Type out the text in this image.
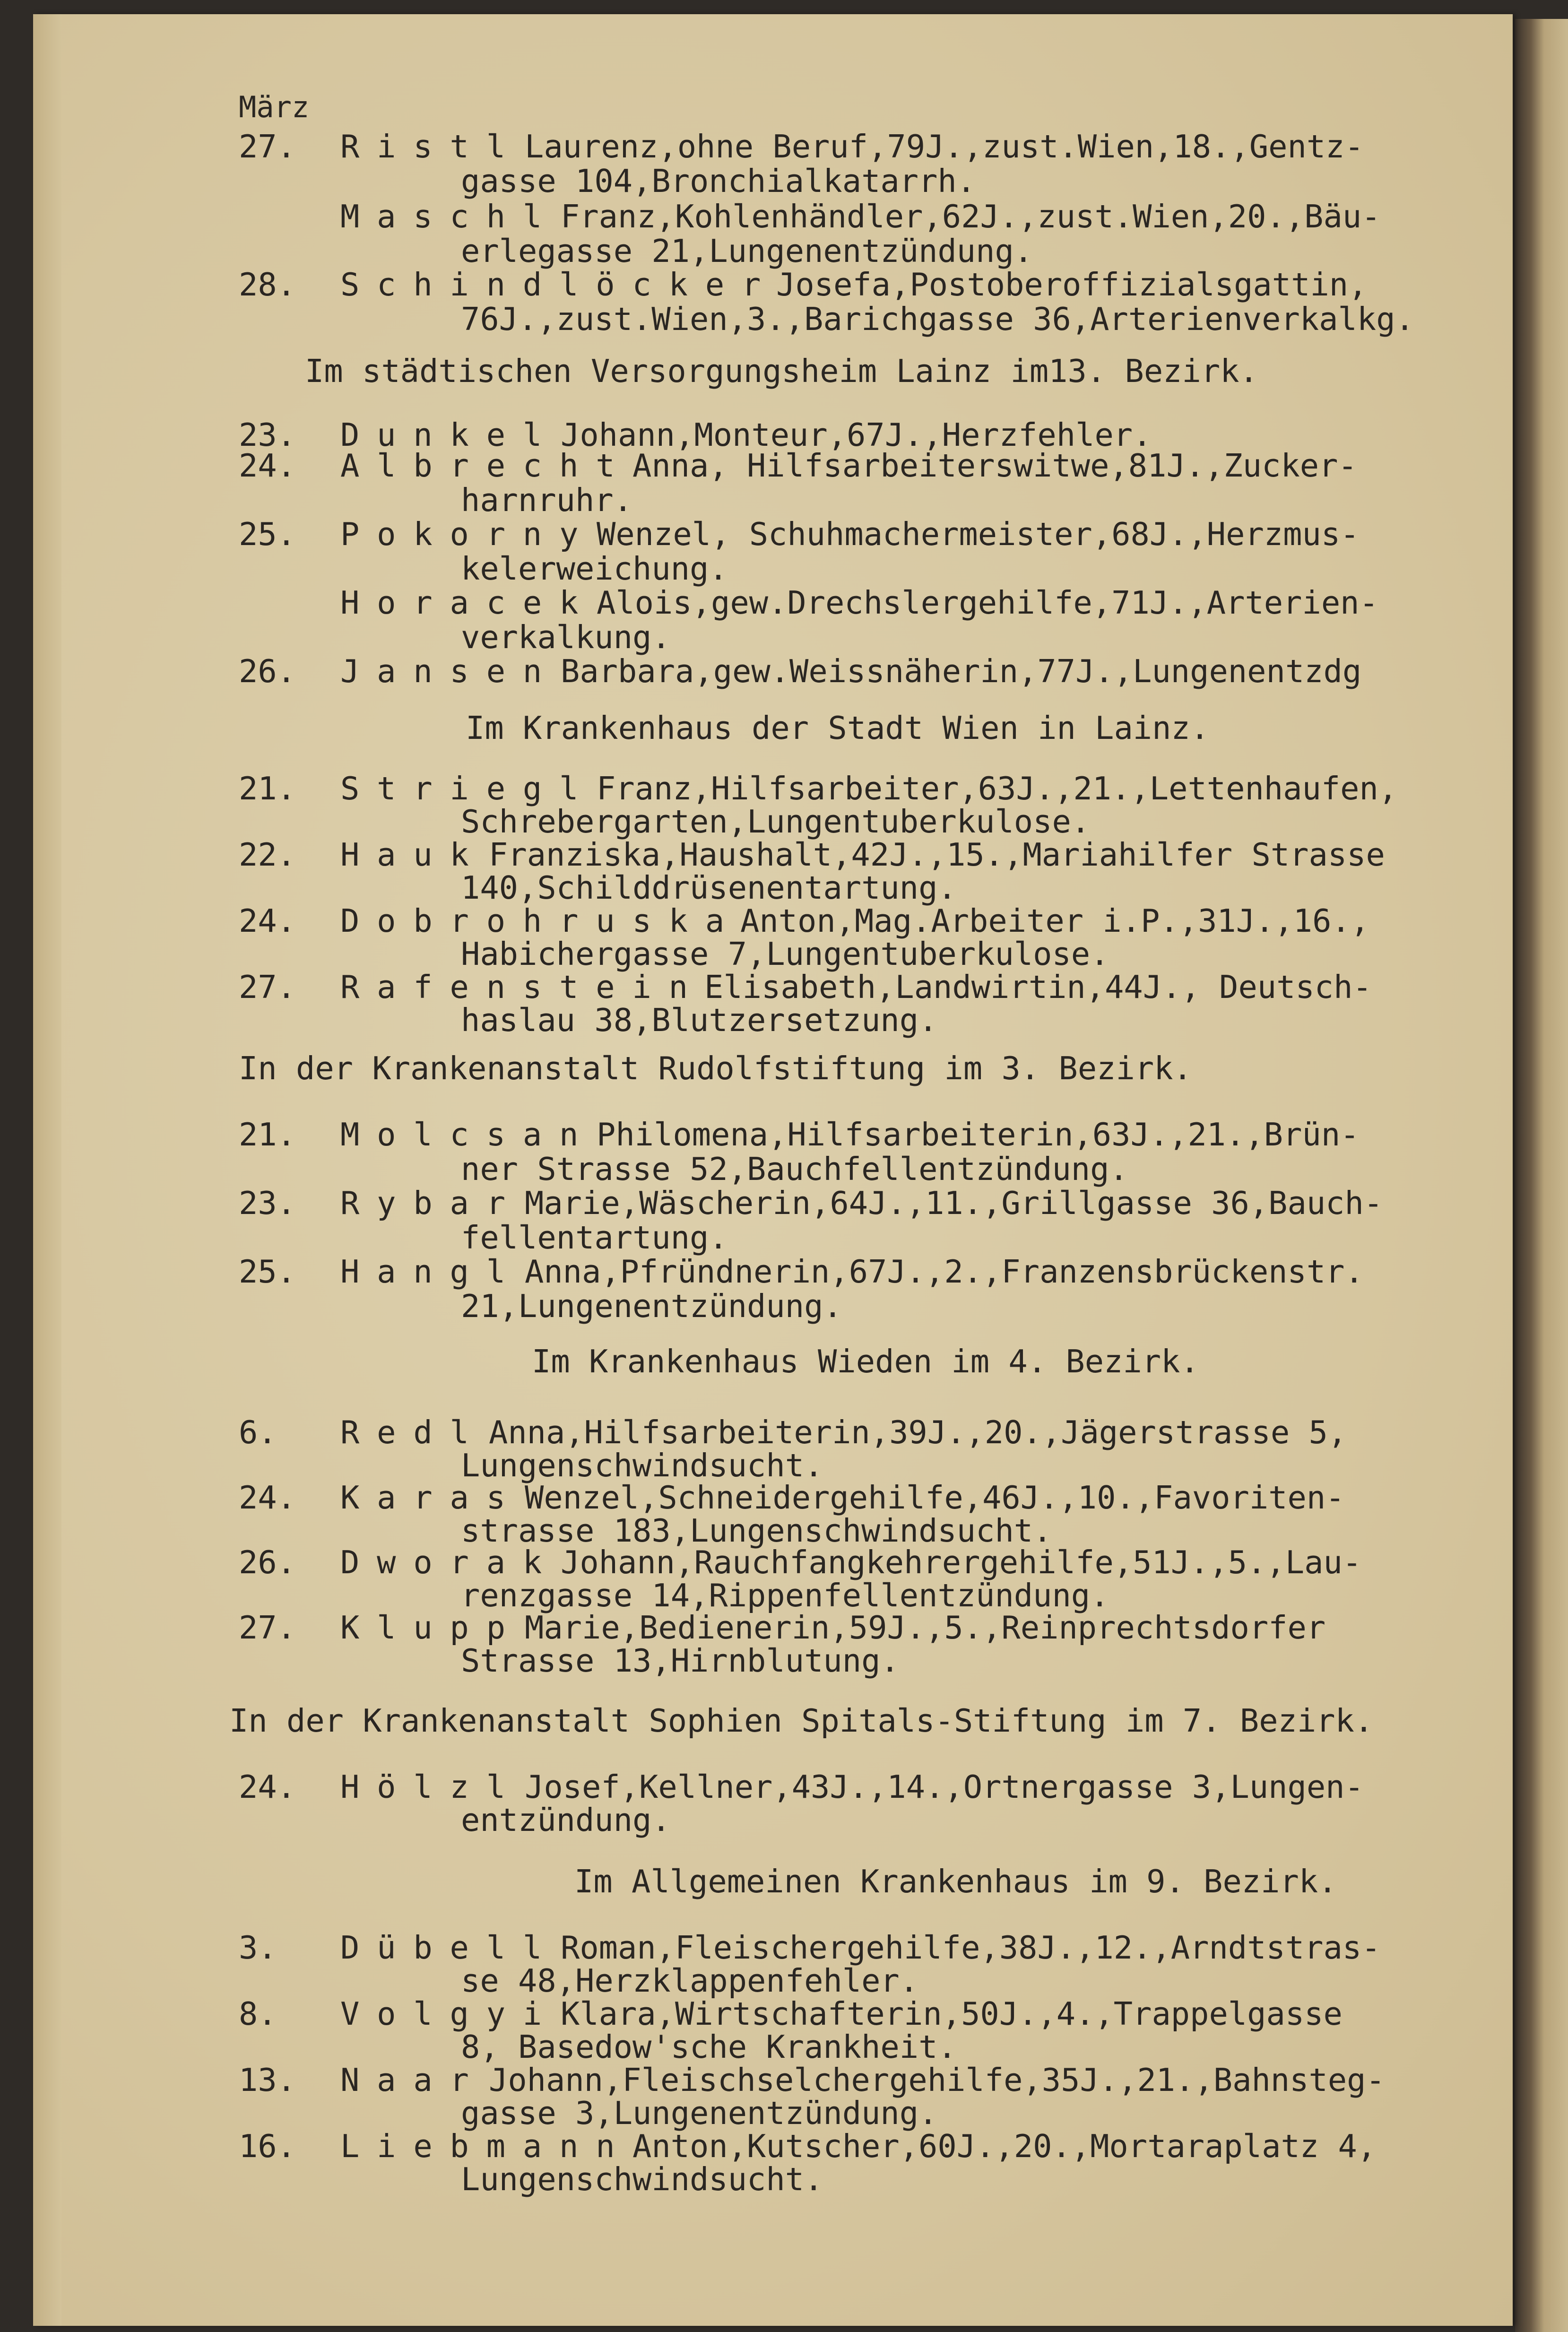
März
27. Ristl Laurenz,ohne Beruf,79J.,zust.Wien,18.,Gentz-
gasse 104,Bronchialkatarrh.
Maschl Franz,Kohlenhändler,62J.,zust.Wien,20.,Bäu-
erlegasse 21,Lungenentzündung.
28. Schindlöcker
Josefa,Postoberoffizialsgattin,
76J.,zust.Wien,3.,Barichgasse 36,Arterienverkalkg.
Im städtischen Versorgungsheim Lainz im13. Bezirk.
23. Dunkel Johann,Monteur,67J.,Herzfehler.
24. Albrecht Anna, Hilfsarbeiterswitwe,81J.,Zucker-
harnruhr.
25. Pokorny Wenzel, Schuhmachermeister,68J.,Herzmus-
kelerweichung.
Horacek Alois,gew.Drechslergehilfe,71J.,Arterien-
verkalkung.
26. Jansen Barbara,gew.Weissnäherin,77J.,Lungenentzdg
Im Krankenhaus der Stadt Wien in Lainz.
21. Striegl Franz,Hilfsarbeiter,63J.,21.,Lettenhaufen,
Schrebergarten,Lungentuberkulose.
22. Hauk Franziska,Haushalt,42J.,15.,Mariahilfer Strasse
140,Schilddrüsenentartung.
24. Dobrohruska
Anton,Mag.Arbeiter i.P.,31J.,16.,
Habichergasse 7,Lungentuberkulose.
27. Rafenstein
Elisabeth,Landwirtin,44J., Deutsch-
haslau 38,Blutzersetzung.
In der Krankenanstalt Rudolfstiftung im 3. Bezirk.
21. Molcsan Philomena,Hilfsarbeiterin,63J.,21.,Brün-
ner Strasse 52,Bauchfellentzündung.
23. Rybar Marie,Wäscherin,64J.,11.,Grillgasse 36,Bauch-
fellentartung.
25. Hangl Anna,Pfründnerin,67J.,2.,Franzensbrückenstr.
21,Lungenentzündung.
Im Krankenhaus Wieden im 4. Bezirk.
6. Redl Anna,Hilfsarbeiterin,39J.,20.,Jägerstrasse 5,
Lungenschwindsucht.
24. Karas Wenzel,Schneidergehilfe,46J.,10.,Favoriten-
strasse 183,Lungenschwindsucht.
26. Dworak Johann,Rauchfangkehrergehilfe,51J.,5.,Lau-
renzgasse 14,Rippenfellentzündung.
27. Klupp Marie,Bedienerin,59J.,5.,Reinprechtsdorfer
Strasse 13,Hirnblutung.
In der Krankenanstalt Sophien Spitals-Stiftung im 7. Bezirk.
24. Hölzl Josef,Kellner,43J.,14.,Ortnergasse 3,Lungen-
entzündung.
Im Allgemeinen Krankenhaus im 9. Bezirk.
3. Dübell Roman,Fleischergehilfe,38J.,12.,Arndtstras-
se 48,Herzklappenfehler.
8. Volgyi Klara,Wirtschafterin,50J.,4.,Trappelgasse
8, Basedow'sche Krankheit.
13. Naar Johann,Fleischselchergehilfe,35J.,21.,Bahnsteg-
gasse 3,Lungenentzündung.
16. Liebmann Anton,Kutscher,60J.,20.,Mortaraplatz 4,
Lungenschwindsucht.
